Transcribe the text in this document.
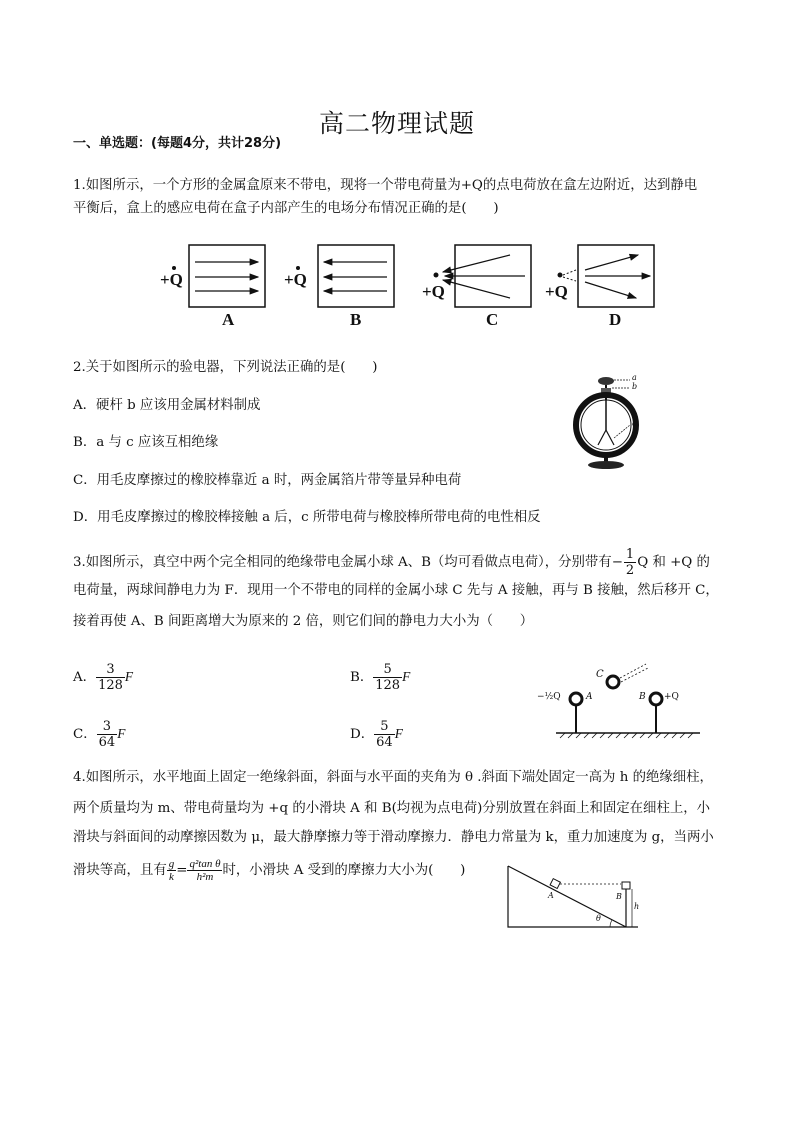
高二物理试题
一、单选题：(每题4分，共计28分)
1.如图所示，一个方形的金属盒原来不带电，现将一个带电荷量为+Q的点电荷放在盒左边附近，达到静电
平衡后，盒上的感应电荷在盒子内部产生的电场分布情况正确的是(　　)
+Q
A
+Q
B
+Q
C
+Q
D
2.关于如图所示的验电器，下列说法正确的是(　　)
A．硬杆 b 应该用金属材料制成
B．a 与 c 应该互相绝缘
C．用毛皮摩擦过的橡胶棒靠近 a 时，两金属箔片带等量异种电荷
D．用毛皮摩擦过的橡胶棒接触 a 后，c 所带电荷与橡胶棒所带电荷的电性相反
a
b
c
3.如图所示，真空中两个完全相同的绝缘带电金属小球 A、B（均可看做点电荷），分别带有− $\frac{1}{2}$ Q 和 +Q 的
电荷量，两球间静电力为 F．现用一个不带电的同样的金属小球 C 先与 A 接触，再与 B 接触，然后移开 C，
接着再使 A、B 间距离增大为原来的 2 倍，则它们间的静电力大小为（　　）
A． $\frac{3}{128}$ F	B． $\frac{5}{128}$ F
C． $\frac{3}{64}$ F	D． $\frac{5}{64}$ F
C
A	B
−½Q	+Q
4.如图所示，水平地面上固定一绝缘斜面，斜面与水平面的夹角为 θ .斜面下端处固定一高为 h 的绝缘细柱，
两个质量均为 m、带电荷量均为 +q 的小滑块 A 和 B(均视为点电荷)分别放置在斜面上和固定在细柱上，小
滑块与斜面间的动摩擦因数为 μ，最大静摩擦力等于滑动摩擦力．静电力常量为 k，重力加速度为 g，当两小
滑块等高，且有 $\frac{g}{k} = \frac{\text{q²tan θ}}{\text{h²m}}$ 时，小滑块 A 受到的摩擦力大小为(　　)
A	B
h
θ
